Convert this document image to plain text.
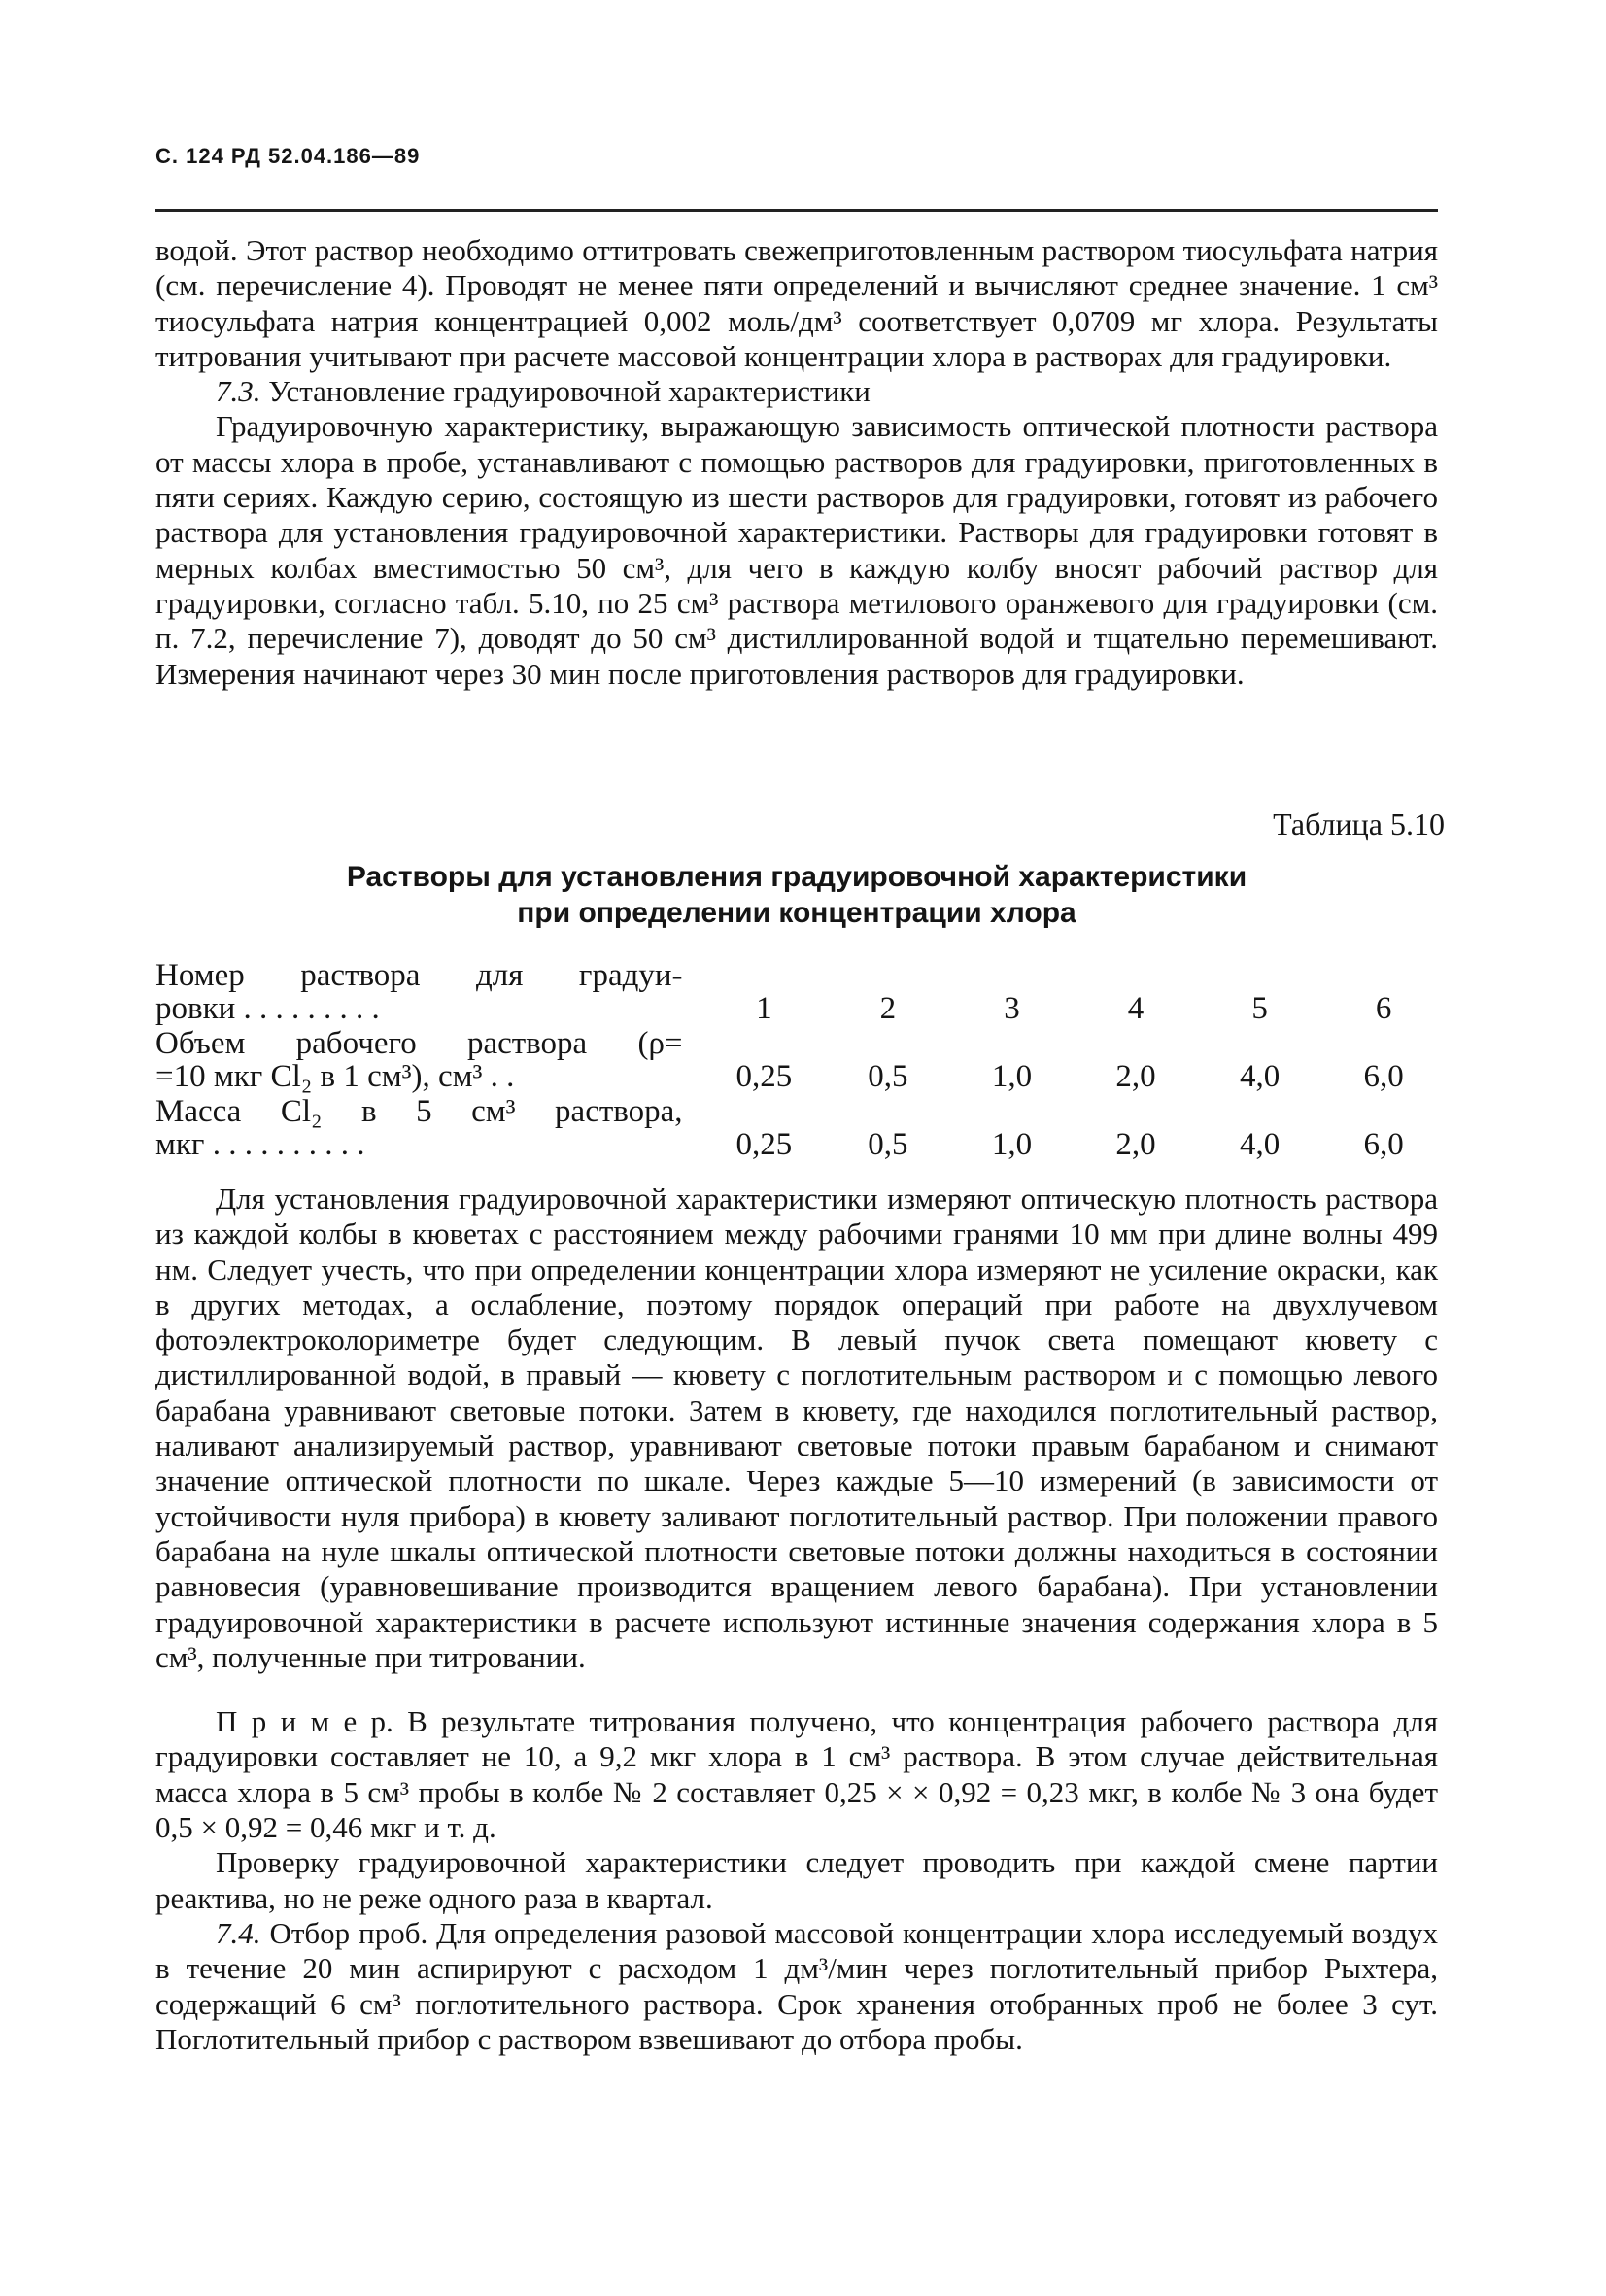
С. 124 РД 52.04.186—89

водой. Этот раствор необходимо оттитровать свежеприготовленным раствором тиосульфата натрия (см. перечисление 4). Проводят не менее пяти определений и вычисляют среднее значение. 1 см³ тиосульфата натрия концентрацией 0,002 моль/дм³ соответствует 0,0709 мг хлора. Результаты титрования учитывают при расчете массовой концентрации хлора в растворах для градуировки.

7.3. Установление градуировочной характеристики

Градуировочную характеристику, выражающую зависимость оптической плотности раствора от массы хлора в пробе, устанавливают с помощью растворов для градуировки, приготовленных в пяти сериях. Каждую серию, состоящую из шести растворов для градуировки, готовят из рабочего раствора для установления градуировочной характеристики. Растворы для градуировки готовят в мерных колбах вместимостью 50 см³, для чего в каждую колбу вносят рабочий раствор для градуировки, согласно табл. 5.10, по 25 см³ раствора метилового оранжевого для градуировки (см. п. 7.2, перечисление 7), доводят до 50 см³ дистиллированной водой и тщательно перемешивают. Измерения начинают через 30 мин после приготовления растворов для градуировки.

Таблица 5.10
Растворы для установления градуировочной характеристики
при определении концентрации хлора
Номер раствора для градуи-
ровки . . . . . . . . .	1	2	3	4	5	6

Объем рабочего раствора (ρ=
=10 мкг Cl₂ в 1 см³), см³ . .	0,25	0,5	1,0	2,0	4,0	6,0

Масса Cl₂ в 5 см³ раствора,
мкг . . . . . . . . . .	0,25	0,5	1,0	2,0	4,0	6,0

Для установления градуировочной характеристики измеряют оптическую плотность раствора из каждой колбы в кюветах с расстоянием между рабочими гранями 10 мм при длине волны 499 нм. Следует учесть, что при определении концентрации хлора измеряют не усиление окраски, как в других методах, а ослабление, поэтому порядок операций при работе на двухлучевом фотоэлектроколориметре будет следующим. В левый пучок света помещают кювету с дистиллированной водой, в правый — кювету с поглотительным раствором и с помощью левого барабана уравнивают световые потоки. Затем в кювету, где находился поглотительный раствор, наливают анализируемый раствор, уравнивают световые потоки правым барабаном и снимают значение оптической плотности по шкале. Через каждые 5—10 измерений (в зависимости от устойчивости нуля прибора) в кювету заливают поглотительный раствор. При положении правого барабана на нуле шкалы оптической плотности световые потоки должны находиться в состоянии равновесия (уравновешивание производится вращением левого барабана). При установлении градуировочной характеристики в расчете используют истинные значения содержания хлора в 5 см³, полученные при титровании.

П р и м е р. В результате титрования получено, что концентрация рабочего раствора для градуировки составляет не 10, а 9,2 мкг хлора в 1 см³ раствора. В этом случае действительная масса хлора в 5 см³ пробы в колбе № 2 составляет 0,25 × × 0,92 = 0,23 мкг, в колбе № 3 она будет 0,5 × 0,92 = 0,46 мкг и т. д.

Проверку градуировочной характеристики следует проводить при каждой смене партии реактива, но не реже одного раза в квартал.

7.4. Отбор проб. Для определения разовой массовой концентрации хлора исследуемый воздух в течение 20 мин аспирируют с расходом 1 дм³/мин через поглотительный прибор Рыхтера, содержащий 6 см³ поглотительного раствора. Срок хранения отобранных проб не более 3 сут. Поглотительный прибор с раствором взвешивают до отбора пробы.
